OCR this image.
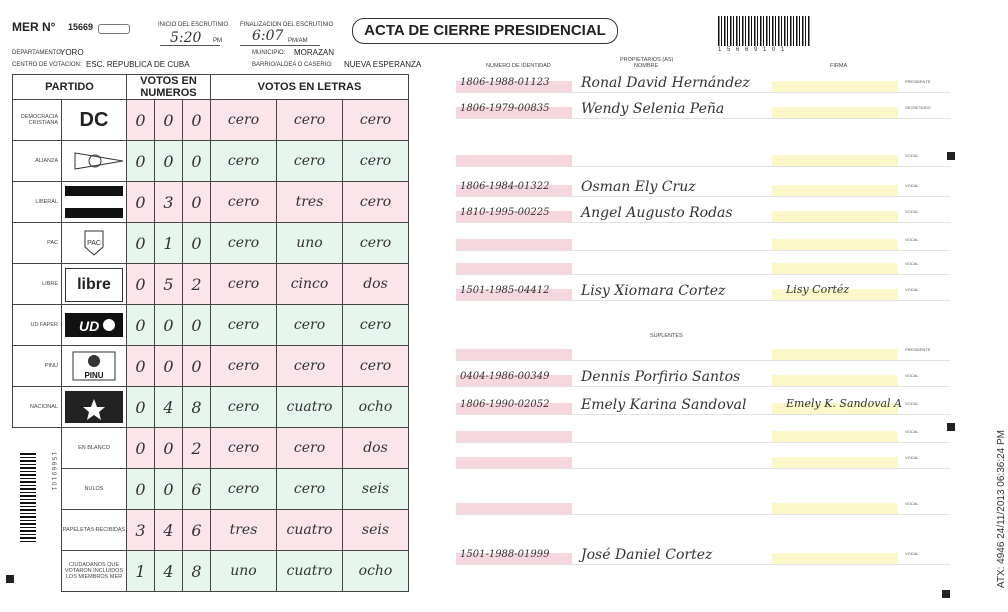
MER N° 15669	INICIO DEL ESCRUTINIO
5:20 PM
FINALIZACION DEL ESCRUTINIO
6:07 PM/AM
ACTA DE CIERRE PRESIDENCIAL
1 5 6 6 9 1 0 1
DEPARTAMENTO:
YORO	MUNICIPIO: MORAZAN
CENTRO DE VOTACION: ESC. REPUBLICA DE CUBA	BARRIO/ALDEA O CASERIO: NUEVA ESPERANZA
PARTIDO		VOTOS EN NUMEROS			VOTOS EN LETRAS		
DEMOCRACIA CRISTIANA	DC	0	0	0	cero	cero	cero
ALIANZA		0	0	0	cero	cero	cero
LIBERAL		0	3	0	cero	tres	cero
PAC	PAC	0	1	0	cero	uno	cero
LIBRE	libre	0	5	2	cero	cinco	dos
UD FAPER	UD	0	0	0	cero	cero	cero
PINU	PINU	0	0	0	cero	cero	cero
NACIONAL		0	4	8	cero	cuatro	ocho
	EN BLANCO	0	0	2	cero	cero	dos
	NULOS	0	0	6	cero	cero	seis
	PAPELETAS RECIBIDAS	3	4	6	tres	cuatro	seis
	CIUDADANOS QUE VOTARON INCLUIDOS LOS MIEMBROS MER	1	4	8	uno	cuatro	ocho
NUMERO DE IDENTIDAD
PROPIETARIOS (AS)
NOMBRE	FIRMA
SUPLENTES
1806-1988-01123 Ronal David Hernández	PRESIDENTE
1806-1979-00835 Wendy Selenia Peña	SECRETARIO
VOCAL
1806-1984-01322 Osman Ely Cruz	VOCAL
1810-1995-00225 Angel Augusto Rodas	VOCAL
VOCAL
VOCAL
1501-1985-04412 Lisy Xiomara Cortez	Lisy Cortéz	VOCAL
PRESIDENTE
0404-1986-00349 Dennis Porfirio Santos	VOCAL
1806-1990-02052 Emely Karina Sandoval	Emely K. Sandoval A VOCAL
VOCAL
VOCAL
VOCAL
1501-1988-01999 José Daniel Cortez	VOCAL
1 5 6 6 9 1 0 1	ATX: 4946 24/11/2013 06:36:24 PM
